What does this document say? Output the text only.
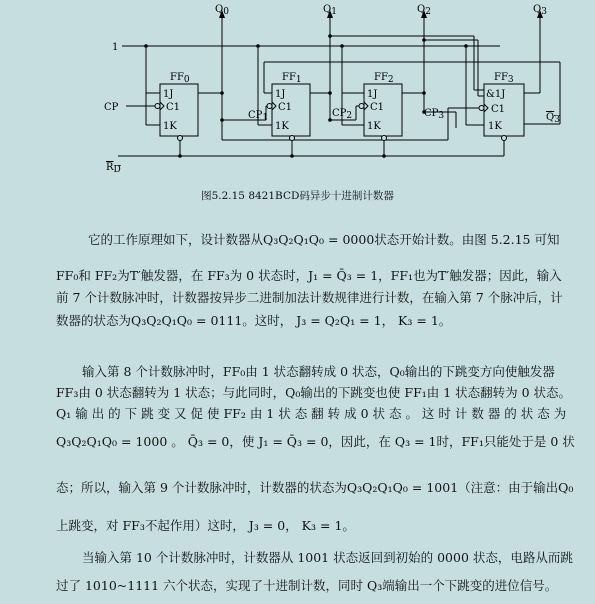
Q0	Q1	Q2	Q3
Q3
1
CP
RD
FF0	FF1	FF2	FF3
CP1	CP2	CP3
1J
C1
1K
1J
C1
1K
1J
C1
1K
&1J
C1
1K
图5.2.15 8421BCD码异步十进制计数器

它的工作原理如下，设计数器从Q₃Q₂Q₁Q₀ = 0000状态开始计数。由图 5.2.15 可知

FF₀和 FF₂为T′触发器，在 FF₃为 0 状态时，J₁ = Q̄₃ = 1，FF₁也为T′触发器；因此，输入

前 7 个计数脉冲时，计数器按异步二进制加法计数规律进行计数，在输入第 7 个脉冲后，计

数器的状态为Q₃Q₂Q₁Q₀ = 0111。这时， J₃ = Q₂Q₁ = 1， K₃ = 1。

输入第 8 个计数脉冲时，FF₀由 1 状态翻转成 0 状态，Q₀输出的下跳变方向使触发器

FF₃由 0 状态翻转为 1 状态；与此同时，Q₀输出的下跳变也使 FF₁由 1 状态翻转为 0 状态。

Q₁ 输 出 的 下 跳 变 又 促 使 FF₂ 由 1 状 态 翻 转 成 0 状 态 。 这 时 计 数 器 的 状 态 为

Q₃Q₂Q₁Q₀ = 1000 。 Q̄₃ = 0，使 J₁ = Q̄₃ = 0，因此，在 Q₃ = 1时，FF₁只能处于是 0 状

态；所以，输入第 9 个计数脉冲时，计数器的状态为Q₃Q₂Q₁Q₀ = 1001（注意：由于输出Q₀

上跳变，对 FF₃不起作用）这时， J₃ = 0， K₃ = 1。

当输入第 10 个计数脉冲时，计数器从 1001 状态返回到初始的 0000 状态，电路从而跳

过了 1010~1111 六个状态，实现了十进制计数，同时 Q₃端输出一个下跳变的进位信号。
